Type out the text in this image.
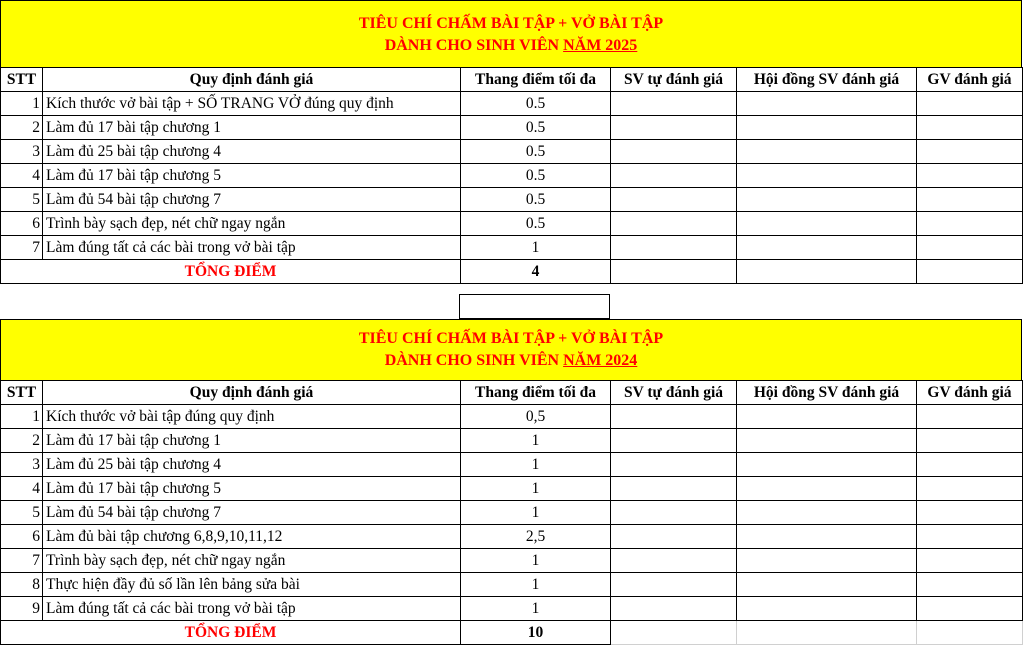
TIÊU CHÍ CHẤM BÀI TẬP + VỞ BÀI TẬP
DÀNH CHO SINH VIÊN NĂM 2025
STT	Quy định đánh giá	Thang điểm tối đa	SV tự đánh giá	Hội đồng SV đánh giá	GV đánh giá
1	Kích thước vở bài tập + SỐ TRANG VỞ đúng quy định	0.5			
2	Làm đủ 17 bài tập chương 1	0.5			
3	Làm đủ 25 bài tập chương 4	0.5			
4	Làm đủ 17 bài tập chương 5	0.5			
5	Làm đủ 54 bài tập chương 7	0.5			
6	Trình bày sạch đẹp, nét chữ ngay ngắn	0.5			
7	Làm đúng tất cả các bài trong vở bài tập	1			
TỔNG ĐIỂM		4			
TIÊU CHÍ CHẤM BÀI TẬP + VỞ BÀI TẬP
DÀNH CHO SINH VIÊN NĂM 2024
STT	Quy định đánh giá	Thang điểm tối đa	SV tự đánh giá	Hội đồng SV đánh giá	GV đánh giá
1	Kích thước vở bài tập đúng quy định	0,5			
2	Làm đủ 17 bài tập chương 1	1			
3	Làm đủ 25 bài tập chương 4	1			
4	Làm đủ 17 bài tập chương 5	1			
5	Làm đủ 54 bài tập chương 7	1			
6	Làm đủ bài tập chương 6,8,9,10,11,12	2,5			
7	Trình bày sạch đẹp, nét chữ ngay ngắn	1			
8	Thực hiện đầy đủ số lần lên bảng sửa bài	1			
9	Làm đúng tất cả các bài trong vở bài tập	1			
TỔNG ĐIỂM		10			
